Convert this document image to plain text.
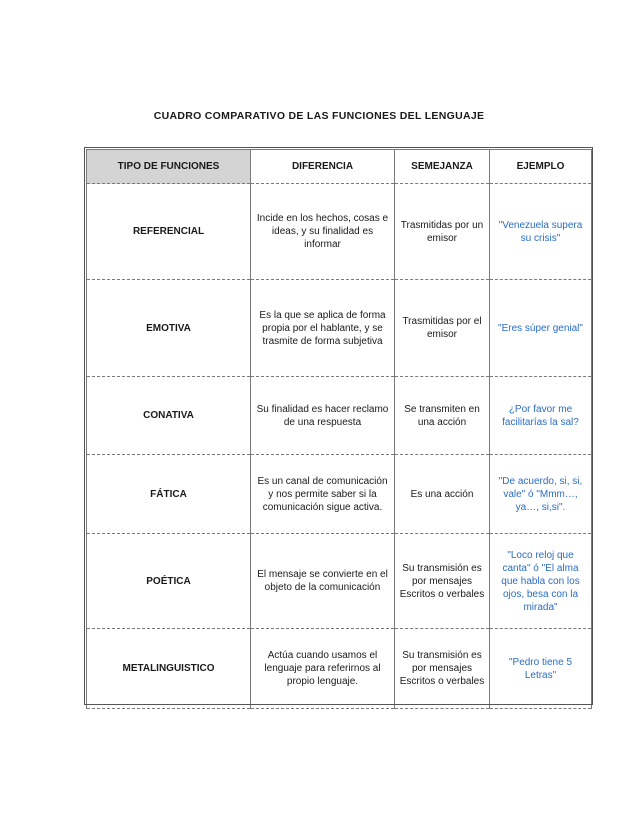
CUADRO COMPARATIVO DE LAS FUNCIONES DEL LENGUAJE
TIPO DE FUNCIONES	DIFERENCIA	SEMEJANZA	EJEMPLO
REFERENCIAL	Incide en los hechos, cosas e ideas, y su finalidad es informar	Trasmitidas por un emisor	"Venezuela supera su crisis"
EMOTIVA	Es la que se aplica de forma propia por el hablante, y se trasmite de forma subjetiva	Trasmitidas por el emisor	"Eres súper genial"
CONATIVA	Su finalidad es hacer reclamo de una respuesta	Se transmiten en una acción	¿Por favor me facilitarías la sal?
FÁTICA	Es un canal de comunicación y nos permite saber si la comunicación sigue activa.	Es una acción	"De acuerdo, si, si, vale" ó "Mmm…, ya…, si,si".
POÉTICA	El mensaje se convierte en el objeto de la comunicación	Su transmisión es por mensajes Escritos o verbales	"Loco reloj que canta" ó "El alma que habla con los ojos, besa con la mirada"
METALINGUISTICO	Actúa cuando usamos el lenguaje para referirnos al propio lenguaje.	Su transmisión es por mensajes Escritos o verbales	"Pedro tiene 5 Letras"
